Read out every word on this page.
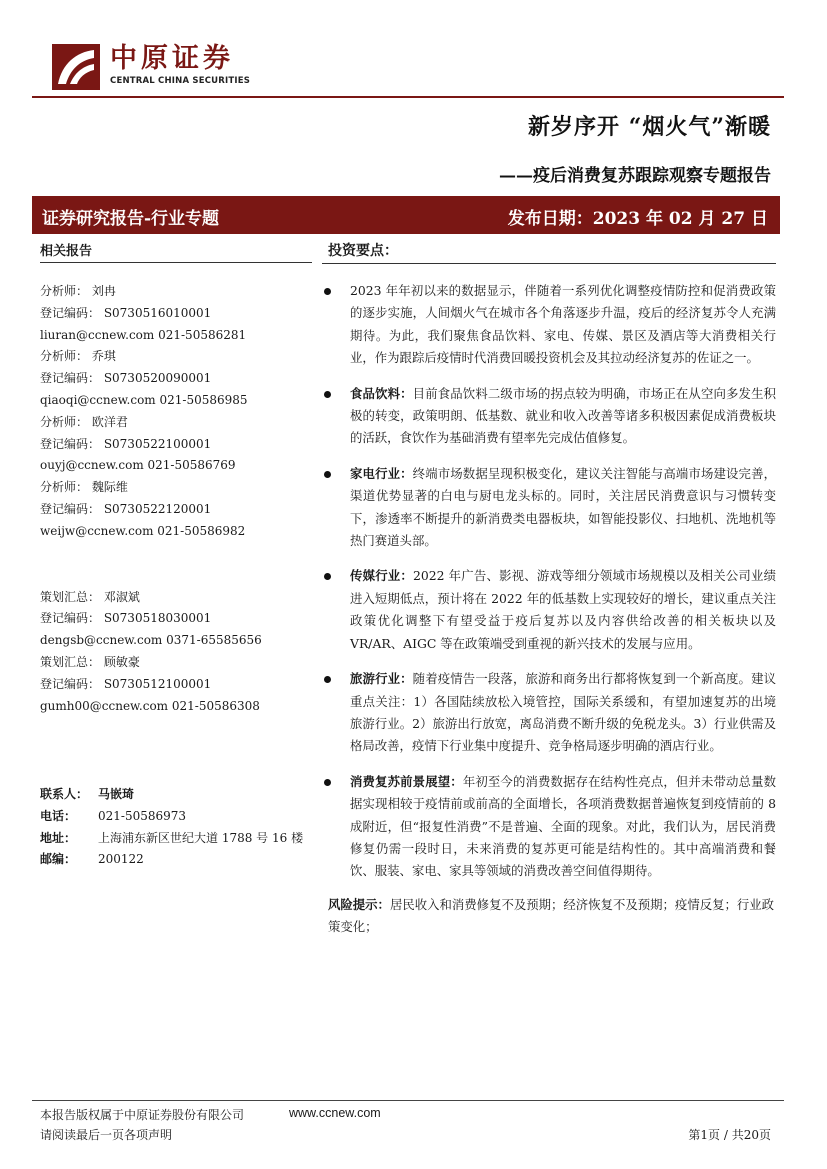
中原证券
CENTRAL CHINA SECURITIES
新岁序开 “烟火气”渐暖
——疫后消费复苏跟踪观察专题报告
证券研究报告-行业专题	发布日期：2023 年 02 月 27 日
相关报告
分析师： 刘冉
登记编码： S0730516010001
liuran@ccnew.com 021-50586281
分析师： 乔琪
登记编码： S0730520090001
qiaoqi@ccnew.com 021-50586985
分析师： 欧洋君
登记编码： S0730522100001
ouyj@ccnew.com 021-50586769
分析师： 魏际维
登记编码： S0730522120001
weijw@ccnew.com 021-50586982
策划汇总： 邓淑斌
登记编码： S0730518030001
dengsb@ccnew.com 0371-65585656
策划汇总： 顾敏豪
登记编码： S0730512100001
gumh00@ccnew.com 021-50586308
联系人： 马嵌琦
电话： 021-50586973
地址： 上海浦东新区世纪大道 1788 号 16 楼
邮编： 200122
投资要点：
2023 年年初以来的数据显示，伴随着一系列优化调整疫情防控和促消费政策的逐步实施，人间烟火气在城市各个角落逐步升温，疫后的经济复苏令人充满期待。为此，我们聚焦食品饮料、家电、传媒、景区及酒店等大消费相关行业，作为跟踪后疫情时代消费回暖投资机会及其拉动经济复苏的佐证之一。
食品饮料：目前食品饮料二级市场的拐点较为明确，市场正在从空向多发生积极的转变，政策明朗、低基数、就业和收入改善等诸多积极因素促成消费板块的活跃，食饮作为基础消费有望率先完成估值修复。
家电行业：终端市场数据呈现积极变化，建议关注智能与高端市场建设完善，渠道优势显著的白电与厨电龙头标的。同时，关注居民消费意识与习惯转变下，渗透率不断提升的新消费类电器板块，如智能投影仪、扫地机、洗地机等热门赛道头部。
传媒行业：2022 年广告、影视、游戏等细分领域市场规模以及相关公司业绩进入短期低点，预计将在 2022 年的低基数上实现较好的增长，建议重点关注政策优化调整下有望受益于疫后复苏以及内容供给改善的相关板块以及 VR/AR、AIGC 等在政策端受到重视的新兴技术的发展与应用。
旅游行业：随着疫情告一段落，旅游和商务出行都将恢复到一个新高度。建议重点关注：1）各国陆续放松入境管控，国际关系缓和，有望加速复苏的出境旅游行业。2）旅游出行放宽，离岛消费不断升级的免税龙头。3）行业供需及格局改善，疫情下行业集中度提升、竞争格局逐步明确的酒店行业。
消费复苏前景展望：年初至今的消费数据存在结构性亮点，但并未带动总量数据实现相较于疫情前或前高的全面增长，各项消费数据普遍恢复到疫情前的 8 成附近，但“报复性消费”不是普遍、全面的现象。对此，我们认为，居民消费修复仍需一段时日，未来消费的复苏更可能是结构性的。其中高端消费和餐饮、服装、家电、家具等领域的消费改善空间值得期待。
风险提示：居民收入和消费修复不及预期；经济恢复不及预期；疫情反复；行业政策变化；
本报告版权属于中原证券股份有限公司	www.ccnew.com
请阅读最后一页各项声明	第1页 / 共20页
